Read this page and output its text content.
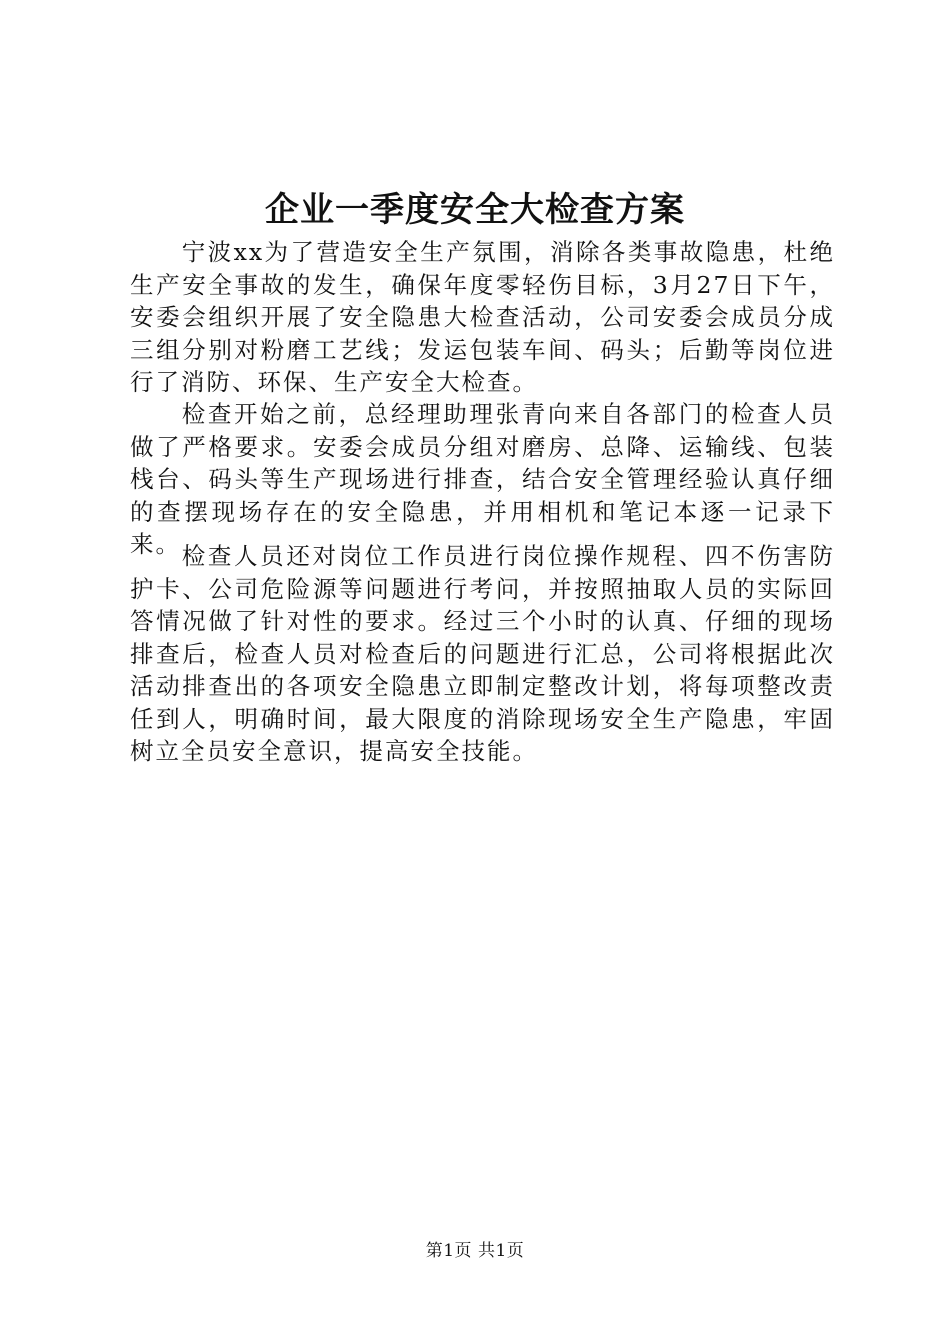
企业一季度安全大检查方案

宁波xx为了营造安全生产氛围，消除各类事故隐患，杜绝生产安全事故的发生，确保年度零轻伤目标，3月27日下午，安委会组织开展了安全隐患大检查活动，公司安委会成员分成三组分别对粉磨工艺线；发运包装车间、码头；后勤等岗位进行了消防、环保、生产安全大检查。

检查开始之前，总经理助理张青向来自各部门的检查人员做了严格要求。安委会成员分组对磨房、总降、运输线、包装栈台、码头等生产现场进行排查，结合安全管理经验认真仔细的查摆现场存在的安全隐患，并用相机和笔记本逐一记录下来。 检查人员还对岗位工作员进行岗位操作规程、四不伤害防护卡、公司危险源等问题进行考问，并按照抽取人员的实际回答情况做了针对性的要求。经过三个小时的认真、仔细的现场排查后，检查人员对检查后的问题进行汇总，公司将根据此次活动排查出的各项安全隐患立即制定整改计划，将每项整改责任到人，明确时间，最大限度的消除现场安全生产隐患，牢固树立全员安全意识，提高安全技能。

第1页 共1页
